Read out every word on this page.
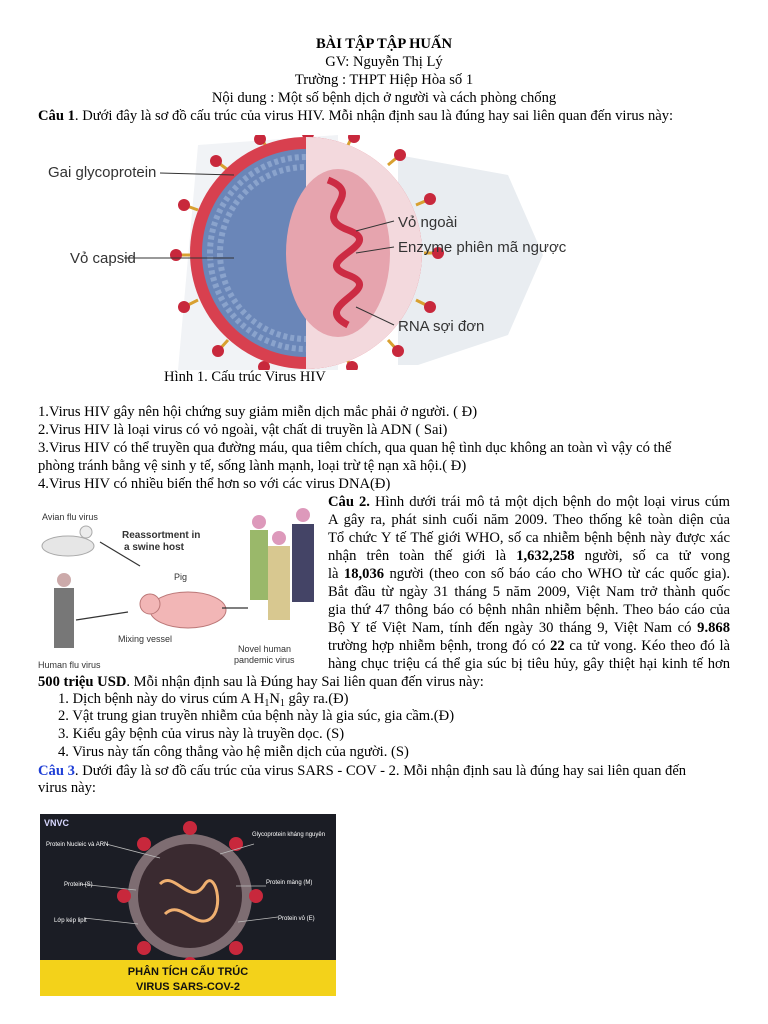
BÀI TẬP TẬP HUẤN
GV: Nguyễn Thị Lý
Trường : THPT Hiệp Hòa số 1
Nội dung : Một số bệnh dịch ở người và cách phòng chống
Câu 1. Dưới đây là sơ đồ cấu trúc của virus HIV. Mỗi nhận định sau là đúng hay sai liên quan đến virus này:
Gai glycoprotein
Vỏ capsid
Vỏ ngoài
Enzyme phiên mã ngược
RNA sợi đơn
Hình 1. Cấu trúc Virus HIV
1.Virus HIV gây nên hội chứng suy giảm miễn dịch mắc phải ở người. ( Đ)
2.Virus HIV là loại virus có vỏ ngoài, vật chất di truyền là ADN ( Sai)
3.Virus HIV có thể truyền qua đường máu, qua tiêm chích, qua quan hệ tình dục không an toàn vì vậy có thể
phòng tránh bằng vệ sinh y tế, sống lành mạnh, loại trừ tệ nạn xã hội.( Đ)
4.Virus HIV có nhiều biến thể hơn so với các virus DNA(Đ)
Avian flu virus
Reassortment in a swine host
Pig
Mixing vessel
Human flu virus
Novel human pandemic virus
Câu 2. Hình dưới trái mô tả một dịch bệnh do một loại virus cúm
A gây ra, phát sinh cuối năm 2009. Theo thống kê toàn diện của
Tổ chức Y tế Thế giới WHO, số ca nhiễm bệnh bệnh này được xác
nhận trên toàn thế giới là 1,632,258 người, số ca tử vong
là 18,036 người (theo con số báo cáo cho WHO từ các quốc gia).
Bắt đầu từ ngày 31 tháng 5 năm 2009, Việt Nam trở thành quốc
gia thứ 47 thông báo có bệnh nhân nhiễm bệnh. Theo báo cáo của
Bộ Y tế Việt Nam, tính đến ngày 30 tháng 9, Việt Nam có 9.868
trường hợp nhiễm bệnh, trong đó có 22 ca tử vong. Kéo theo đó là
hàng chục triệu cá thể gia súc bị tiêu hủy, gây thiệt hại kinh tế hơn
500 triệu USD. Mỗi nhận định sau là Đúng hay Sai liên quan đến virus này:
1. Dịch bệnh này do virus cúm A $H_1N_1$ gây ra.(Đ)
2. Vật trung gian truyền nhiễm của bệnh này là gia súc, gia cầm.(Đ)
3. Kiểu gây bệnh của virus này là truyền dọc. (S)
4. Virus này tấn công thẳng vào hệ miễn dịch của người. (S)
Câu 3. Dưới đây là sơ đồ cấu trúc của virus SARS - COV - 2. Mỗi nhận định sau là đúng hay sai liên quan đến
virus này:
VNVC
Protein Nucleic và ARN
Protein (S)
Lớp kép lipit
Glycoprotein kháng nguyên
Protein màng (M)
Protein vỏ (E)
PHÂN TÍCH CẤU TRÚC
VIRUS SARS-COV-2
